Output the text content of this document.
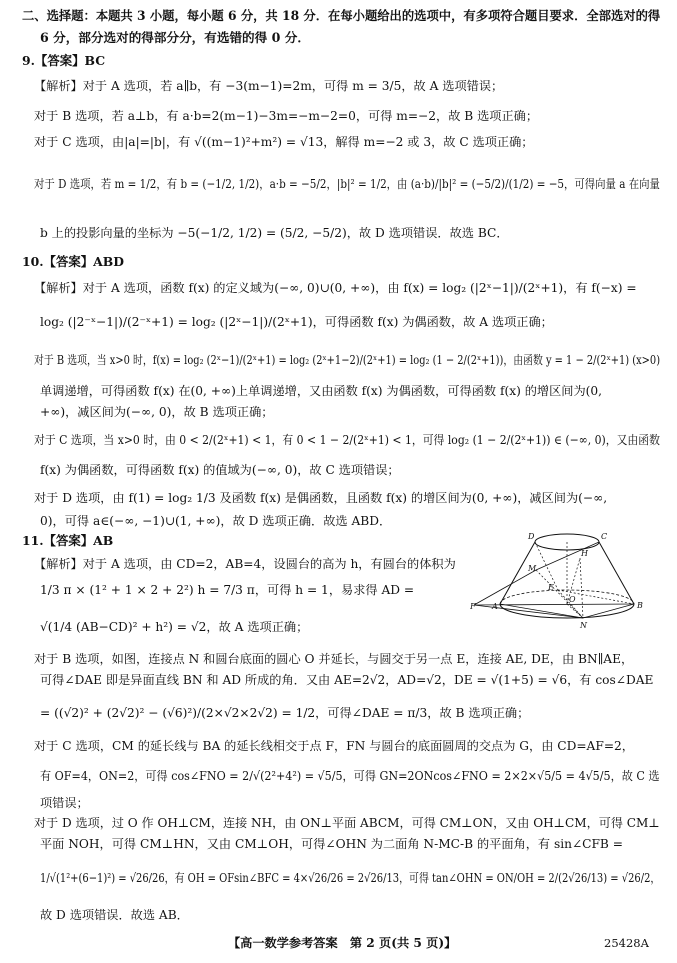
二、选择题：本题共 3 小题，每小题 6 分，共 18 分．在每小题给出的选项中，有多项符合题目要求．全部选对的得
6 分，部分选对的得部分分，有选错的得 0 分．
9.【答案】BC
【解析】对于 A 选项，若 a∥b，有 −3(m−1)=2m，可得 m = 3/5，故 A 选项错误；
对于 B 选项，若 a⊥b，有 a·b=2(m−1)−3m=−m−2=0，可得 m=−2，故 B 选项正确；
对于 C 选项，由|a|=|b|，有 √((m−1)²+m²) = √13，解得 m=−2 或 3，故 C 选项正确；
对于 D 选项，若 m = 1/2，有 b = (−1/2, 1/2)，a·b = −5/2，|b|² = 1/2，由 (a·b)/|b|² = (−5/2)/(1/2) = −5，可得向量 a 在向量
b 上的投影向量的坐标为 −5(−1/2, 1/2) = (5/2, −5/2)，故 D 选项错误．故选 BC．
10.【答案】ABD
【解析】对于 A 选项，函数 f(x) 的定义域为(−∞, 0)∪(0, +∞)，由 f(x) = log₂ (|2ˣ−1|)/(2ˣ+1)，有 f(−x) =
log₂ (|2⁻ˣ−1|)/(2⁻ˣ+1) = log₂ (|2ˣ−1|)/(2ˣ+1)，可得函数 f(x) 为偶函数，故 A 选项正确；
对于 B 选项，当 x>0 时，f(x) = log₂ (2ˣ−1)/(2ˣ+1) = log₂ (2ˣ+1−2)/(2ˣ+1) = log₂ (1 − 2/(2ˣ+1))，由函数 y = 1 − 2/(2ˣ+1) (x>0)
单调递增，可得函数 f(x) 在(0, +∞)上单调递增，又由函数 f(x) 为偶函数，可得函数 f(x) 的增区间为(0,
+∞)，减区间为(−∞, 0)，故 B 选项正确；
对于 C 选项，当 x>0 时，由 0 < 2/(2ˣ+1) < 1，有 0 < 1 − 2/(2ˣ+1) < 1，可得 log₂ (1 − 2/(2ˣ+1)) ∈ (−∞, 0)，又由函数
f(x) 为偶函数，可得函数 f(x) 的值域为(−∞, 0)，故 C 选项错误；
对于 D 选项，由 f(1) = log₂ 1/3 及函数 f(x) 是偶函数，且函数 f(x) 的增区间为(0, +∞)，减区间为(−∞,
0)，可得 a∈(−∞, −1)∪(1, +∞)，故 D 选项正确．故选 ABD．
11.【答案】AB
【解析】对于 A 选项，由 CD=2，AB=4，设圆台的高为 h，有圆台的体积为
1/3 π × (1² + 1 × 2 + 2²) h = 7/3 π，可得 h = 1，易求得 AD =
√(1/4 (AB−CD)² + h²) = √2，故 A 选项正确；
对于 B 选项，如图，连接点 N 和圆台底面的圆心 O 并延长，与圆交于另一点 E，连接 AE, DE，由 BN∥AE，
可得∠DAE 即是异面直线 BN 和 AD 所成的角．又由 AE=2√2，AD=√2，DE = √(1+5) = √6，有 cos∠DAE
= ((√2)² + (2√2)² − (√6)²)/(2×√2×2√2) = 1/2，可得∠DAE = π/3，故 B 选项正确；
对于 C 选项，CM 的延长线与 BA 的延长线相交于点 F，FN 与圆台的底面圆周的交点为 G，由 CD=AF=2，
有 OF=4，ON=2，可得 cos∠FNO = 2/√(2²+4²) = √5/5，可得 GN=2ONcos∠FNO = 2×2×√5/5 = 4√5/5，故 C 选
项错误；
对于 D 选项，过 O 作 OH⊥CM，连接 NH，由 ON⊥平面 ABCM，可得 CM⊥ON，又由 OH⊥CM，可得 CM⊥
平面 NOH，可得 CM⊥HN，又由 CM⊥OH，可得∠OHN 为二面角 N-MC-B 的平面角，有 sin∠CFB =
1/√(1²+(6−1)²) = √26/26，有 OH = OFsin∠BFC = 4×√26/26 = 2√26/13，可得 tan∠OHN = ON/OH = 2/(2√26/13) = √26/2，
故 D 选项错误．故选 AB．
【高一数学参考答案　第 2 页(共 5 页)】
D	C
H
M
E
F A
O
B
N
25428A
